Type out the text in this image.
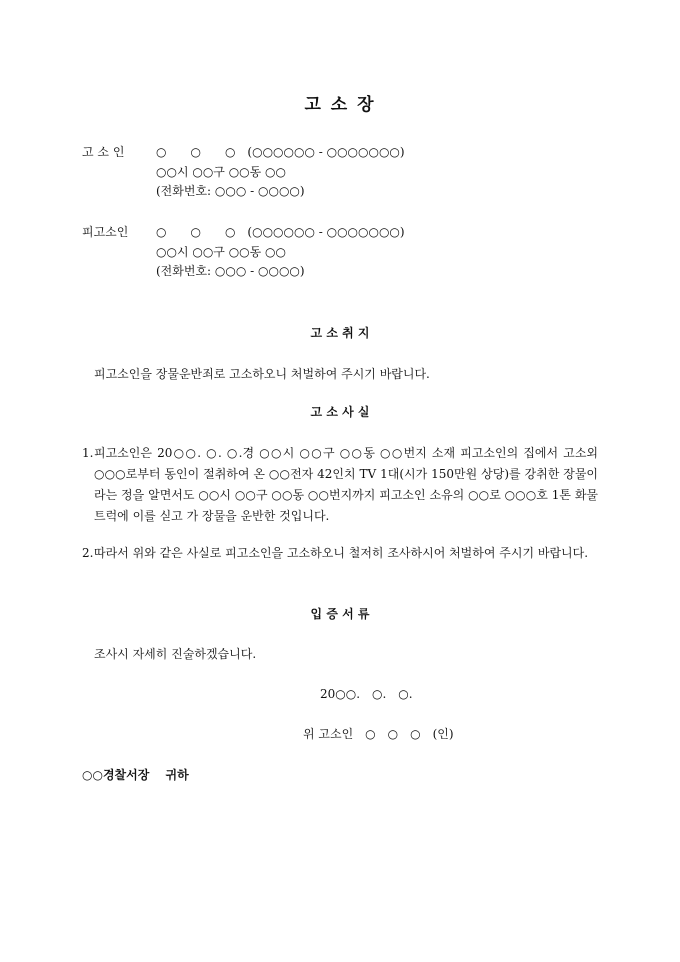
고 소 장
고 소 인	○　　○　　○　(○○○○○○ - ○○○○○○○)
○○시 ○○구 ○○동 ○○
(전화번호: ○○○ - ○○○○)
피고소인 ○　　○　　○　(○○○○○○ - ○○○○○○○)
○○시 ○○구 ○○동 ○○
(전화번호: ○○○ - ○○○○)
고 소 취 지
피고소인을 장물운반죄로 고소하오니 처벌하여 주시기 바랍니다.
고 소 사 실
1. 피고소인은 20○○. ○. ○.경 ○○시 ○○구 ○○동 ○○번지 소재 피고소인의 집에서 고소외 ○○○로부터 동인이 절취하여 온 ○○전자 42인치 TV 1대(시가 150만원 상당)를 강취한 장물이라는 정을 알면서도 ○○시 ○○구 ○○동 ○○번지까지 피고소인 소유의 ○○로 ○○○호 1톤 화물트럭에 이를 싣고 가 장물을 운반한 것입니다.
2. 따라서 위와 같은 사실로 피고소인을 고소하오니 철저히 조사하시어 처벌하여 주시기 바랍니다.
입 증 서 류
조사시 자세히 진술하겠습니다.
20○○.　○.　○.
위 고소인　○　○　○　(인)
○○경찰서장　 귀하
